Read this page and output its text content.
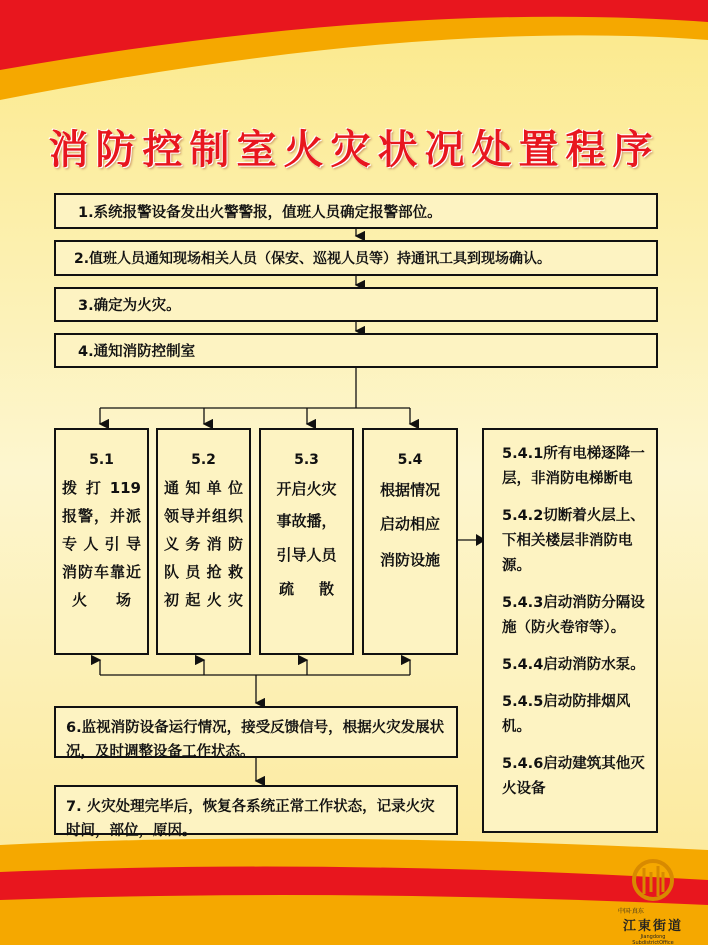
消防控制室火灾状况处置程序
1.系统报警设备发出火警警报，值班人员确定报警部位。
2.值班人员通知现场相关人员（保安、巡视人员等）持通讯工具到现场确认。
3.确定为火灾。
4.通知消防控制室
5.1
拨打119
报警，并派
专人引导
消防车靠近
火场
5.2
通知单位
领导并组织
义务消防
队员抢救
初起火灾
5.3
开启火灾
事故播，
引导人员
疏散
5.4
根据情况
启动相应
消防设施

5.4.1所有电梯逐降一层，非消防电梯断电

5.4.2切断着火层上、下相关楼层非消防电源。

5.4.3启动消防分隔设施（防火卷帘等）。

5.4.4启动消防水泵。

5.4.5启动防排烟风机。

5.4.6启动建筑其他灭火设备

6.监视消防设备运行情况，接受反馈信号，根据火灾发展状况，及时调整设备工作状态。
7. 火灾处理完毕后，恢复各系统正常工作状态，记录火灾时间，部位，原因。
中国·真东
江東街道
Jiangdong
SubdistrictOffice
